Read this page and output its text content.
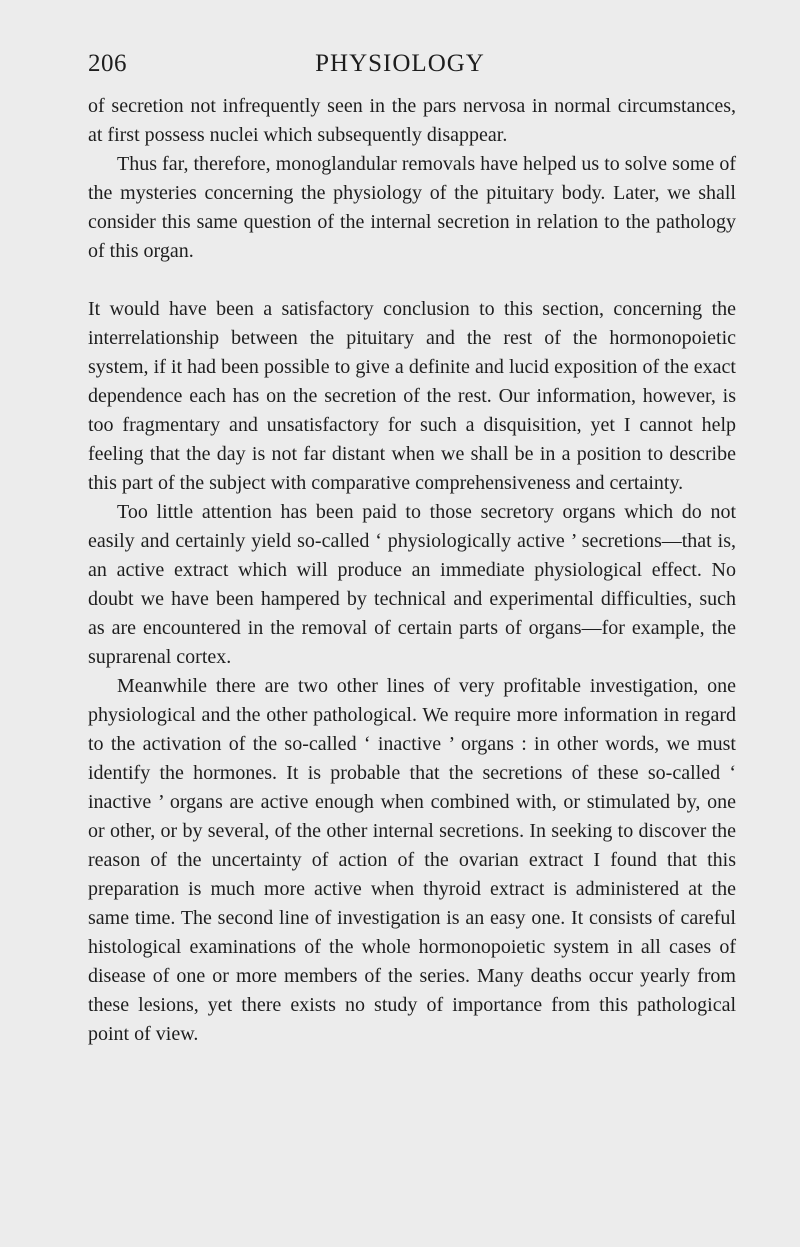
206	PHYSIOLOGY

of secretion not infrequently seen in the pars nervosa in normal circumstances, at first possess nuclei which subsequently disappear.

Thus far, therefore, monoglandular removals have helped us to solve some of the mysteries concerning the physiology of the pituitary body. Later, we shall consider this same question of the internal secretion in relation to the pathology of this organ.

It would have been a satisfactory conclusion to this section, concerning the interrelationship between the pituitary and the rest of the hormonopoietic system, if it had been possible to give a definite and lucid exposition of the exact dependence each has on the secretion of the rest. Our information, however, is too fragmentary and unsatisfactory for such a disquisition, yet I cannot help feeling that the day is not far distant when we shall be in a position to describe this part of the subject with comparative comprehensiveness and certainty.

Too little attention has been paid to those secretory organs which do not easily and certainly yield so-called ‘ physiologically active ’ secretions—that is, an active extract which will produce an immediate physiological effect. No doubt we have been hampered by technical and experimental difficulties, such as are encountered in the removal of certain parts of organs—for example, the suprarenal cortex.

Meanwhile there are two other lines of very profitable investigation, one physiological and the other pathological. We require more information in regard to the activation of the so-called ‘ inactive ’ organs : in other words, we must identify the hormones. It is probable that the secretions of these so-called ‘ inactive ’ organs are active enough when combined with, or stimulated by, one or other, or by several, of the other internal secretions. In seeking to discover the reason of the uncertainty of action of the ovarian extract I found that this preparation is much more active when thyroid extract is administered at the same time. The second line of investigation is an easy one. It consists of careful histological examinations of the whole hormonopoietic system in all cases of disease of one or more members of the series. Many deaths occur yearly from these lesions, yet there exists no study of importance from this pathological point of view.
